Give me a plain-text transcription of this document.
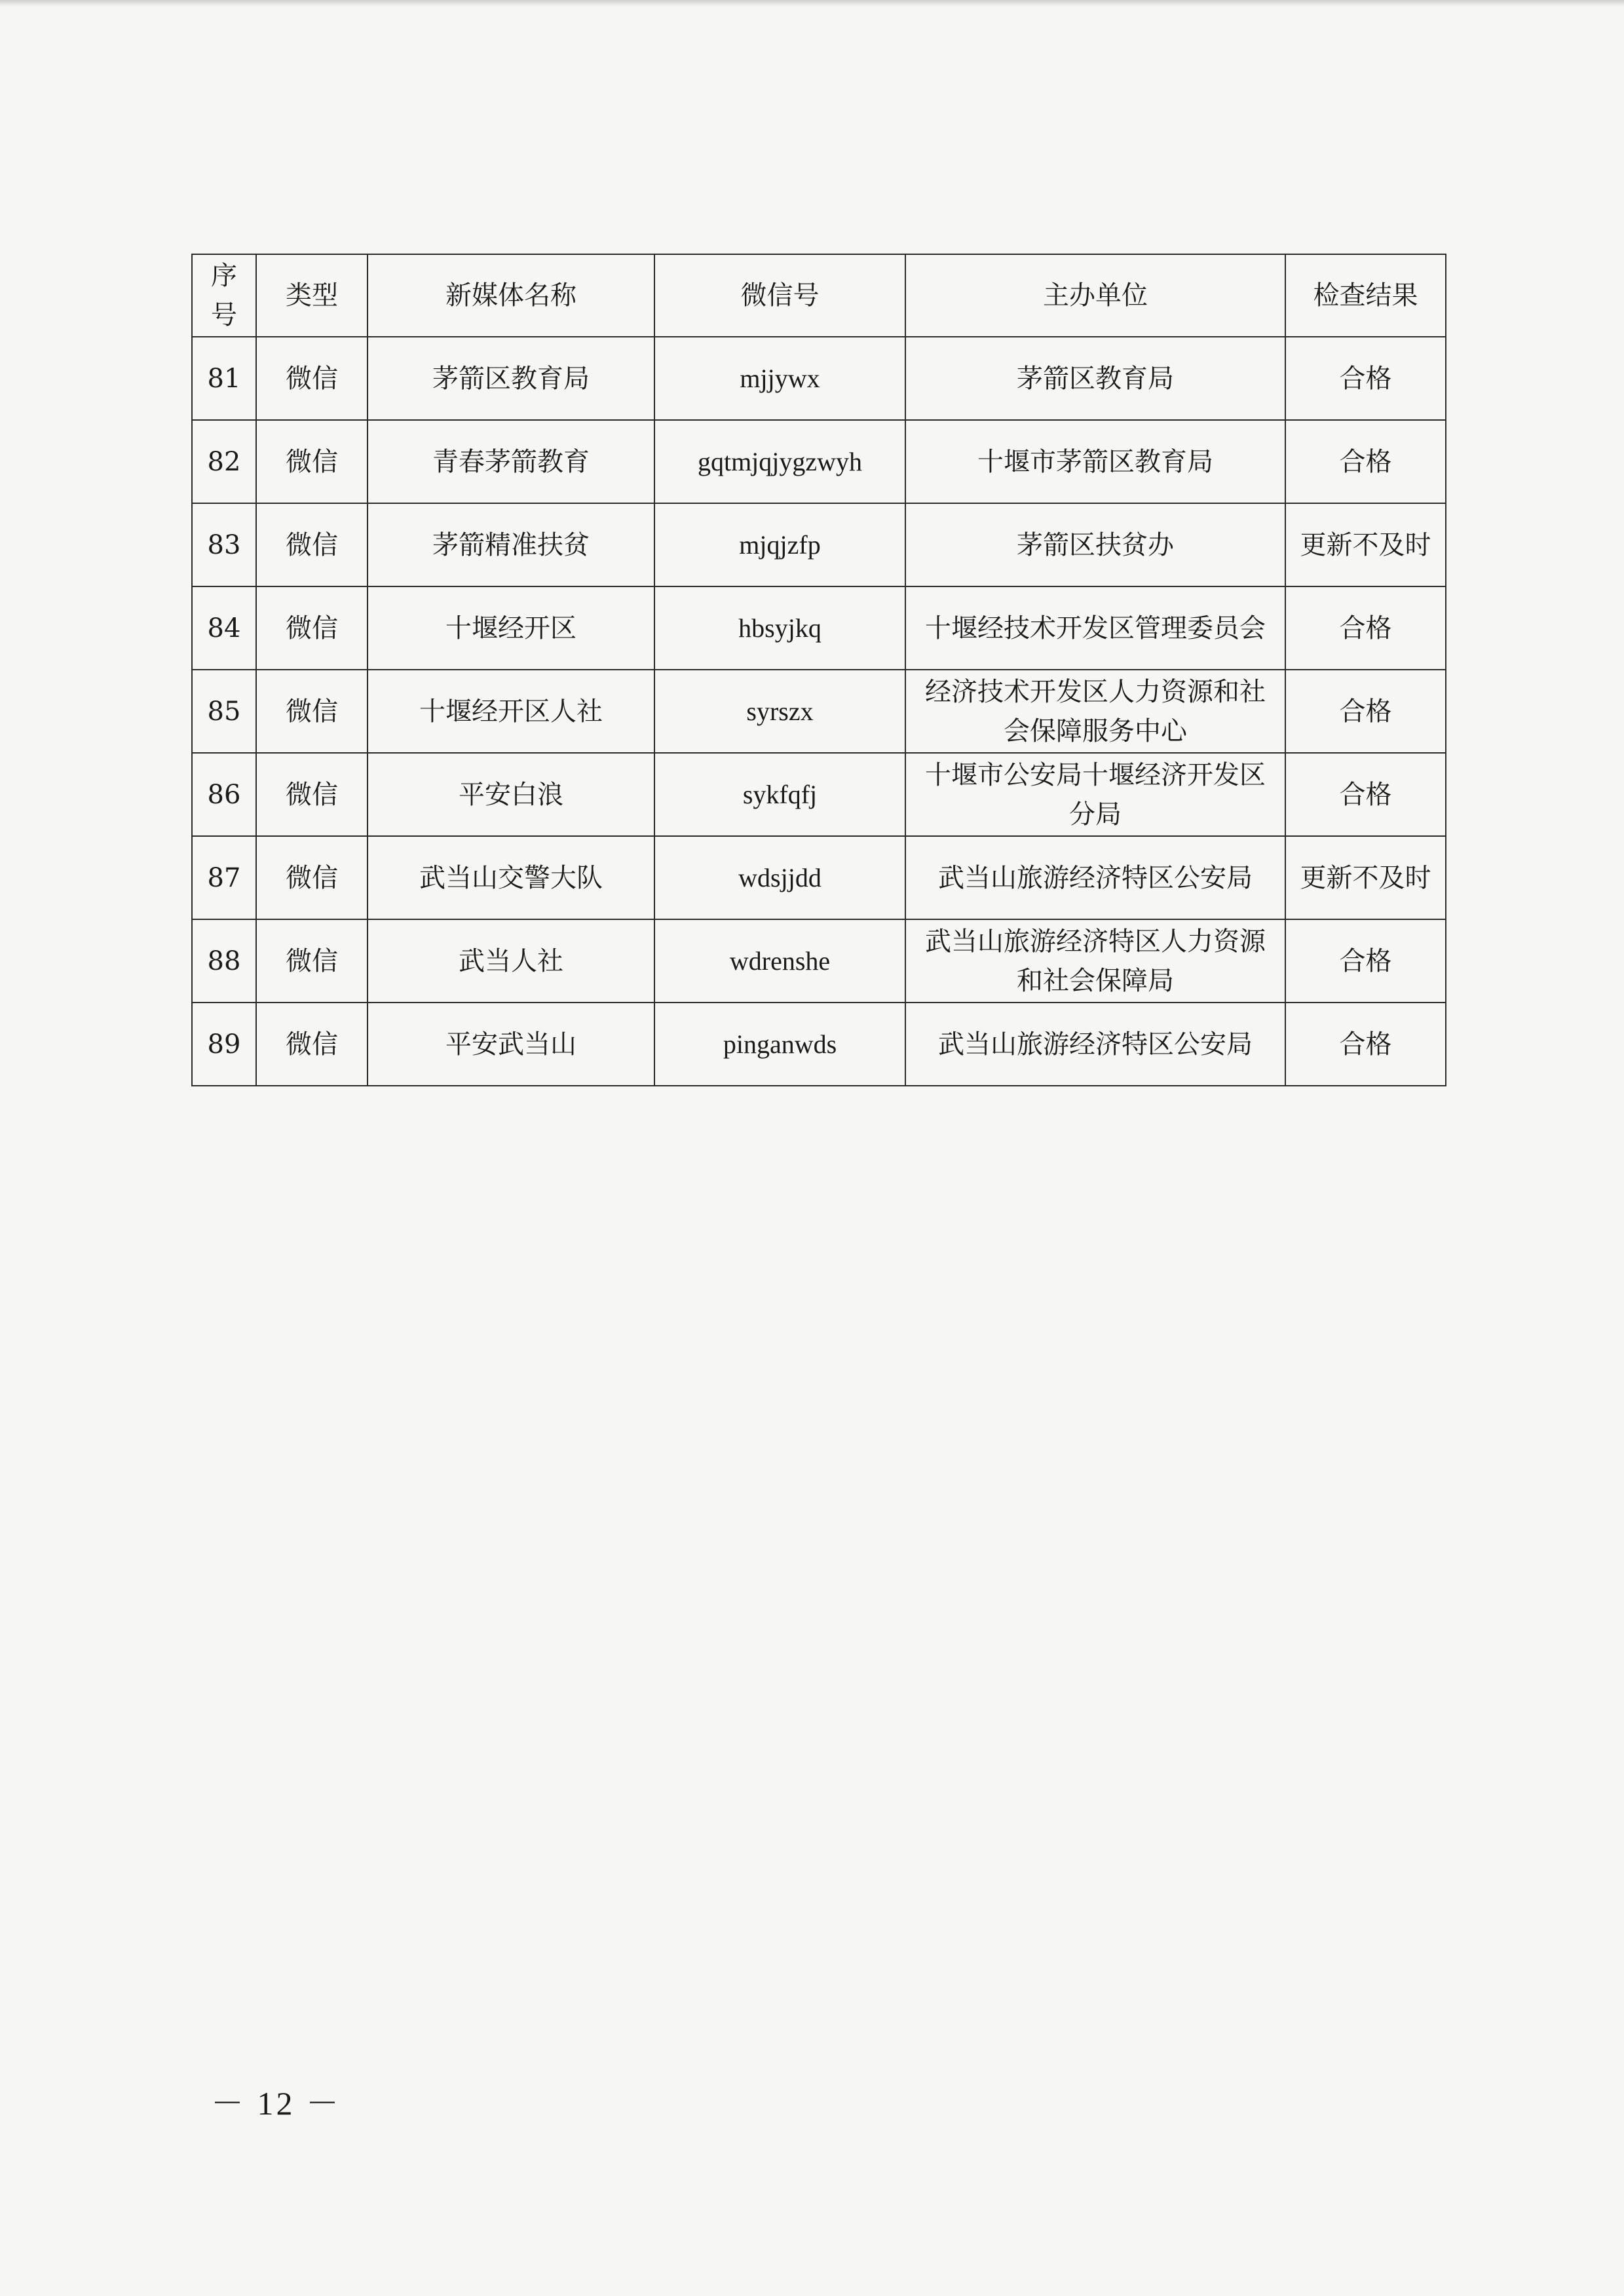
序号	类型	新媒体名称	微信号	主办单位	检查结果
81	微信	茅箭区教育局	mjjywx	茅箭区教育局	合格
82	微信	青春茅箭教育	gqtmjqjygzwyh	十堰市茅箭区教育局	合格
83	微信	茅箭精准扶贫	mjqjzfp	茅箭区扶贫办	更新不及时
84	微信	十堰经开区	hbsyjkq	十堰经技术开发区管理委员会	合格
85	微信	十堰经开区人社	syrszx	经济技术开发区人力资源和社会保障服务中心	合格
86	微信	平安白浪	sykfqfj	十堰市公安局十堰经济开发区分局	合格
87	微信	武当山交警大队	wdsjjdd	武当山旅游经济特区公安局	更新不及时
88	微信	武当人社	wdrenshe	武当山旅游经济特区人力资源和社会保障局	合格
89	微信	平安武当山	pinganwds	武当山旅游经济特区公安局	合格
－ 12 －
